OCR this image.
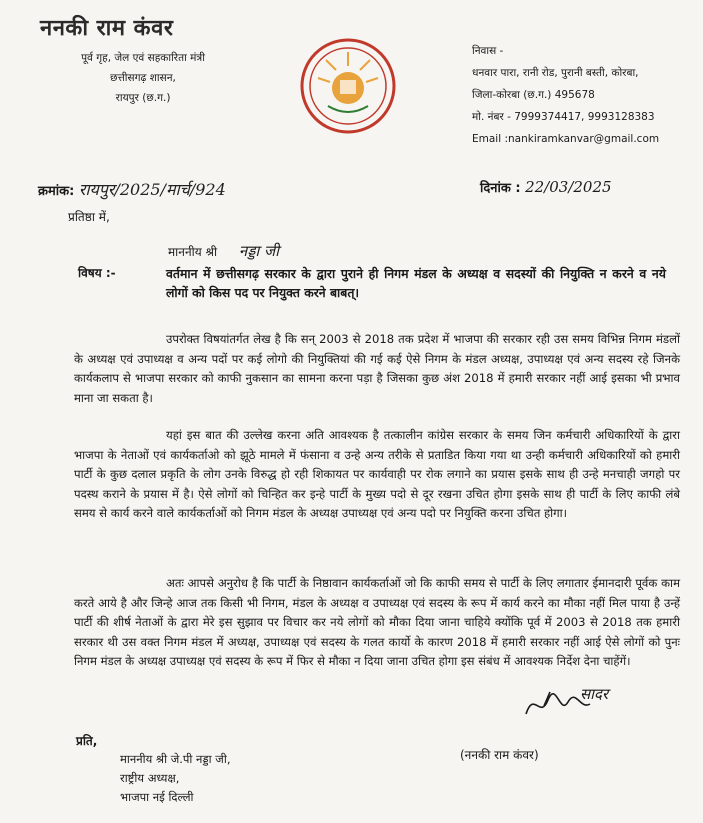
ननकी राम कंवर
पूर्व गृह, जेल एवं सहकारिता मंत्री
छत्तीसगढ़ शासन,
रायपुर (छ.ग.)
निवास -
धनवार पारा, रानी रोड, पुरानी बस्ती, कोरबा,
जिला-कोरबा (छ.ग.) 495678
मो. नंबर - 7999374417, 9993128383
Email :nankiramkanvar@gmail.com
क्रमांक: रायपुर/2025/मार्च/924	दिनांक : 22/03/2025
प्रतिष्ठा में,
माननीय श्री नड्डा जी
विषय :-	वर्तमान में छत्तीसगढ़ सरकार के द्वारा पुराने ही निगम मंडल के अध्यक्ष व सदस्यों की नियुक्ति न करने व नये लोगों को किस पद पर नियुक्त करने बाबत्।
उपरोक्त विषयांतर्गत लेख है कि सन् 2003 से 2018 तक प्रदेश में भाजपा की सरकार रही उस समय विभिन्न निगम मंडलों के अध्यक्ष एवं उपाध्यक्ष व अन्य पदों पर कई लोगो की नियुक्तियां की गई कई ऐसे निगम के मंडल अध्यक्ष, उपाध्यक्ष एवं अन्य सदस्य रहे जिनके कार्यकलाप से भाजपा सरकार को काफी नुकसान का सामना करना पड़ा है जिसका कुछ अंश 2018 में हमारी सरकार नहीं आई इसका भी प्रभाव माना जा सकता है।
यहां इस बात की उल्लेख करना अति आवश्यक है तत्कालीन कांग्रेस सरकार के समय जिन कर्मचारी अधिकारियों के द्वारा भाजपा के नेताओं एवं कार्यकर्ताओ को झूठे मामले में फंसाना व उन्हे अन्य तरीके से प्रताडित किया गया था उन्ही कर्मचारी अधिकारियों को हमारी पार्टी के कुछ दलाल प्रकृति के लोग उनके विरुद्ध हो रही शिकायत पर कार्यवाही पर रोक लगाने का प्रयास इसके साथ ही उन्हे मनचाही जगहो पर पदस्थ कराने के प्रयास में है। ऐसे लोगों को चिन्हित कर इन्हे पार्टी के मुख्य पदो से दूर रखना उचित होगा इसके साथ ही पार्टी के लिए काफी लंबे समय से कार्य करने वाले कार्यकर्ताओं को निगम मंडल के अध्यक्ष उपाध्यक्ष एवं अन्य पदो पर नियुक्ति करना उचित होगा।
अतः आपसे अनुरोध है कि पार्टी के निष्ठावान कार्यकर्ताओं जो कि काफी समय से पार्टी के लिए लगातार ईमानदारी पूर्वक काम करते आये है और जिन्हे आज तक किसी भी निगम, मंडल के अध्यक्ष व उपाध्यक्ष एवं सदस्य के रूप में कार्य करने का मौका नहीं मिल पाया है उन्हें पार्टी की शीर्ष नेताओं के द्वारा मेरे इस सुझाव पर विचार कर नये लोगों को मौका दिया जाना चाहिये क्योंकि पूर्व में 2003 से 2018 तक हमारी सरकार थी उस वक्त निगम मंडल में अध्यक्ष, उपाध्यक्ष एवं सदस्य के गलत कार्यो के कारण 2018 में हमारी सरकार नहीं आई ऐसे लोगों को पुनः निगम मंडल के अध्यक्ष उपाध्यक्ष एवं सदस्य के रूप में फिर से मौका न दिया जाना उचित होगा इस संबंध में आवश्यक निर्देश देना चाहेंगें।
सादर
(ननकी राम कंवर)
प्रति,
माननीय श्री जे.पी नड्डा जी,
राष्ट्रीय अध्यक्ष,
भाजपा नई दिल्ली
